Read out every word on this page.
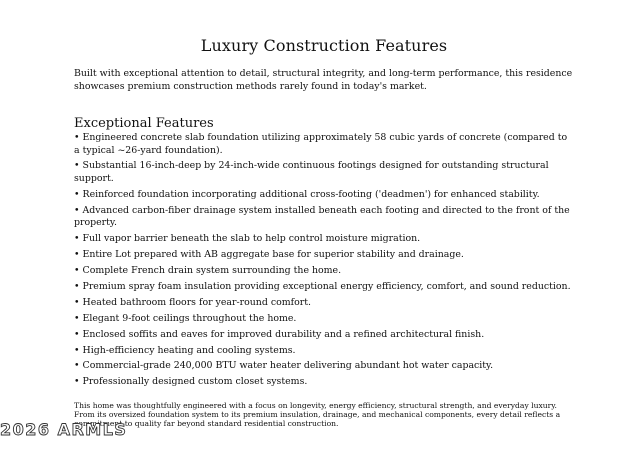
Luxury Construction Features

Built with exceptional attention to detail, structural integrity, and long-term performance, this residence showcases premium construction methods rarely found in today's market.

Exceptional Features
• Engineered concrete slab foundation utilizing approximately 58 cubic yards of concrete (compared to a typical ~26-yard foundation).
• Substantial 16-inch-deep by 24-inch-wide continuous footings designed for outstanding structural support.
• Reinforced foundation incorporating additional cross-footing ('deadmen') for enhanced stability.
• Advanced carbon-fiber drainage system installed beneath each footing and directed to the front of the property.
• Full vapor barrier beneath the slab to help control moisture migration.
• Entire Lot prepared with AB aggregate base for superior stability and drainage.
• Complete French drain system surrounding the home.
• Premium spray foam insulation providing exceptional energy efficiency, comfort, and sound reduction.
• Heated bathroom floors for year-round comfort.
• Elegant 9-foot ceilings throughout the home.
• Enclosed soffits and eaves for improved durability and a refined architectural finish.
• High-efficiency heating and cooling systems.
• Commercial-grade 240,000 BTU water heater delivering abundant hot water capacity.
• Professionally designed custom closet systems.

This home was thoughtfully engineered with a focus on longevity, energy efficiency, structural strength, and everyday luxury. From its oversized foundation system to its premium insulation, drainage, and mechanical components, every detail reflects a commitment to quality far beyond standard residential construction.

2026 ARMLS
